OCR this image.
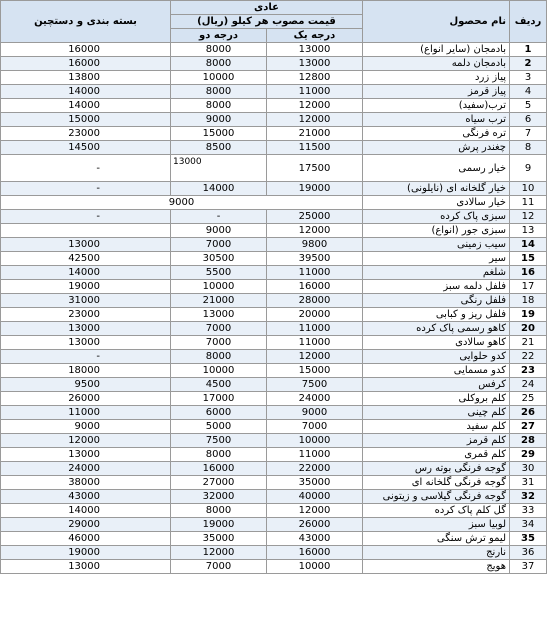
ردیف	نام محصول	عادی		بسته بندی و دستچین
		قیمت مصوب هر کیلو (ریال)		
		درجه یک	درجه دو	
1	بادمجان (سایر انواع)	13000	8000	16000
2	بادمجان دلمه	13000	8000	16000
3	پیاز زرد	12800	10000	13800
4	پیاز قرمز	11000	8000	14000
5	ترب(سفید)	12000	8000	14000
6	ترب سیاه	12000	9000	15000
7	تره فرنگی	21000	15000	23000
8	چغندر پرش	11500	8500	14500
9	خیار رسمی	17500	13000	-
10	خیار گلخانه ای (نایلونی)	19000	14000	-
11	خیار سالادی	9000		
12	سبزی پاک کرده	25000	-	-
13	سبزی جور (انواع)	12000	9000	
14	سیب زمینی	9800	7000	13000
15	سیر	39500	30500	42500
16	شلغم	11000	5500	14000
17	فلفل دلمه سبز	16000	10000	19000
18	فلفل رنگی	28000	21000	31000
19	فلفل ریز و کبابی	20000	13000	23000
20	کاهو رسمی پاک کرده	11000	7000	13000
21	کاهو سالادی	11000	7000	13000
22	کدو حلوایی	12000	8000	-
23	کدو مسمایی	15000	10000	18000
24	کرفس	7500	4500	9500
25	کلم بروکلی	24000	17000	26000
26	کلم چینی	9000	6000	11000
27	کلم سفید	7000	5000	9000
28	کلم قرمز	10000	7500	12000
29	کلم قمری	11000	8000	13000
30	گوجه فرنگی بوته رس	22000	16000	24000
31	گوجه فرنگی گلخانه ای	35000	27000	38000
32	گوجه فرنگی گیلاسی و زیتونی	40000	32000	43000
33	گل کلم پاک کرده	12000	8000	14000
34	لوبیا سبز	26000	19000	29000
35	لیمو ترش سنگی	43000	35000	46000
36	نارنج	16000	12000	19000
37	هویج	10000	7000	13000
